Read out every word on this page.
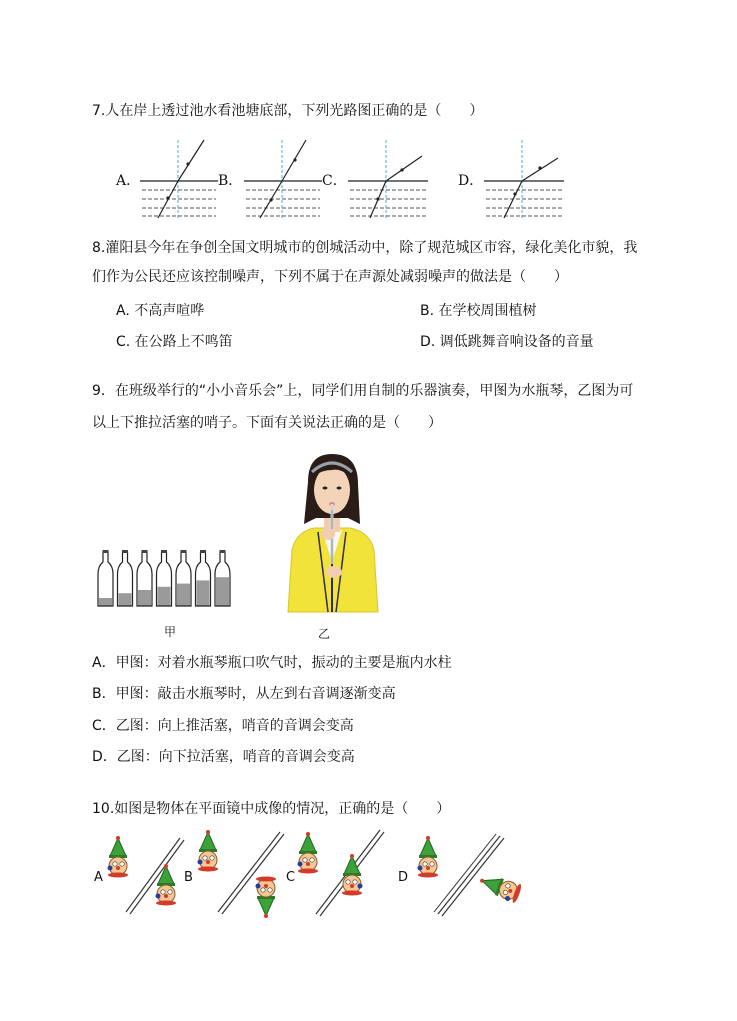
7.人在岸上透过池水看池塘底部，下列光路图正确的是（　　）
A．	B．	C．	D．
8.灌阳县今年在争创全国文明城市的创城活动中，除了规范城区市容，绿化美化市貌，我
们作为公民还应该控制噪声，下列不属于在声源处减弱噪声的做法是（　　）
A. 不高声喧哗	B. 在学校周围植树
C. 在公路上不鸣笛	D. 调低跳舞音响设备的音量
9．在班级举行的“小小音乐会”上，同学们用自制的乐器演奏，甲图为水瓶琴，乙图为可
以上下推拉活塞的哨子。下面有关说法正确的是（　　）
甲	乙
A．甲图：对着水瓶琴瓶口吹气时，振动的主要是瓶内水柱
B．甲图：敲击水瓶琴时，从左到右音调逐渐变高
C．乙图：向上推活塞，哨音的音调会变高
D．乙图：向下拉活塞，哨音的音调会变高
10.如图是物体在平面镜中成像的情况，正确的是（　　）
A	B	C	D
